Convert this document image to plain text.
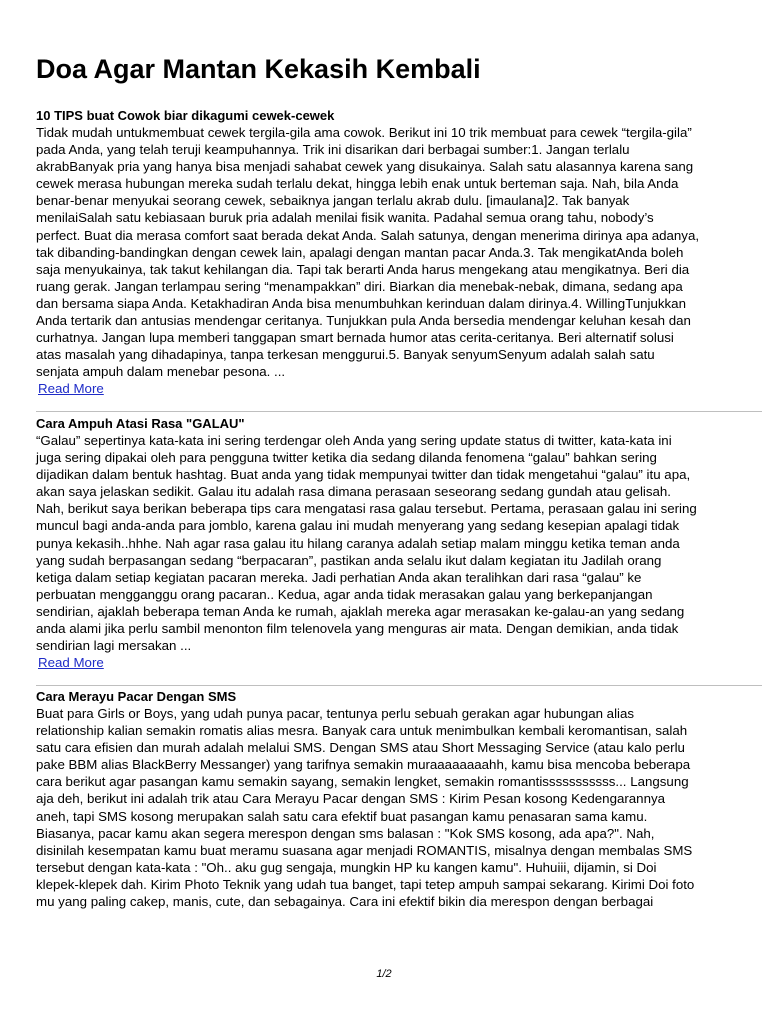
Doa Agar Mantan Kekasih Kembali
10 TIPS buat Cowok biar dikagumi cewek-cewek
Tidak mudah untukmembuat cewek tergila-gila ama cowok. Berikut ini 10 trik membuat para cewek “tergila-gila”
pada Anda, yang telah teruji keampuhannya. Trik ini disarikan dari berbagai sumber:1. Jangan terlalu
akrabBanyak pria yang hanya bisa menjadi sahabat cewek yang disukainya. Salah satu alasannya karena sang
cewek merasa hubungan mereka sudah terlalu dekat, hingga lebih enak untuk berteman saja. Nah, bila Anda
benar-benar menyukai seorang cewek, sebaiknya jangan terlalu akrab dulu. [imaulana]2. Tak banyak
menilaiSalah satu kebiasaan buruk pria adalah menilai fisik wanita. Padahal semua orang tahu, nobody’s
perfect. Buat dia merasa comfort saat berada dekat Anda. Salah satunya, dengan menerima dirinya apa adanya,
tak dibanding-bandingkan dengan cewek lain, apalagi dengan mantan pacar Anda.3. Tak mengikatAnda boleh
saja menyukainya, tak takut kehilangan dia. Tapi tak berarti Anda harus mengekang atau mengikatnya. Beri dia
ruang gerak. Jangan terlampau sering “menampakkan” diri. Biarkan dia menebak-nebak, dimana, sedang apa
dan bersama siapa Anda. Ketakhadiran Anda bisa menumbuhkan kerinduan dalam dirinya.4. WillingTunjukkan
Anda tertarik dan antusias mendengar ceritanya. Tunjukkan pula Anda bersedia mendengar keluhan kesah dan
curhatnya. Jangan lupa memberi tanggapan smart bernada humor atas cerita-ceritanya. Beri alternatif solusi
atas masalah yang dihadapinya, tanpa terkesan menggurui.5. Banyak senyumSenyum adalah salah satu
senjata ampuh dalam menebar pesona. ...
Read More
Cara Ampuh Atasi Rasa "GALAU"
“Galau” sepertinya kata-kata ini sering terdengar oleh Anda yang sering update status di twitter, kata-kata ini
juga sering dipakai oleh para pengguna twitter ketika dia sedang dilanda fenomena “galau” bahkan sering
dijadikan dalam bentuk hashtag. Buat anda yang tidak mempunyai twitter dan tidak mengetahui “galau” itu apa,
akan saya jelaskan sedikit. Galau itu adalah rasa dimana perasaan seseorang sedang gundah atau gelisah.
Nah, berikut saya berikan beberapa tips cara mengatasi rasa galau tersebut. Pertama, perasaan galau ini sering
muncul bagi anda-anda para jomblo, karena galau ini mudah menyerang yang sedang kesepian apalagi tidak
punya kekasih..hhhe. Nah agar rasa galau itu hilang caranya adalah setiap malam minggu ketika teman anda
yang sudah berpasangan sedang “berpacaran”, pastikan anda selalu ikut dalam kegiatan itu Jadilah orang
ketiga dalam setiap kegiatan pacaran mereka. Jadi perhatian Anda akan teralihkan dari rasa “galau” ke
perbuatan mengganggu orang pacaran.. Kedua, agar anda tidak merasakan galau yang berkepanjangan
sendirian, ajaklah beberapa teman Anda ke rumah, ajaklah mereka agar merasakan ke-galau-an yang sedang
anda alami jika perlu sambil menonton film telenovela yang menguras air mata. Dengan demikian, anda tidak
sendirian lagi mersakan ...
Read More
Cara Merayu Pacar Dengan SMS
Buat para Girls or Boys, yang udah punya pacar, tentunya perlu sebuah gerakan agar hubungan alias
relationship kalian semakin romatis alias mesra. Banyak cara untuk menimbulkan kembali keromantisan, salah
satu cara efisien dan murah adalah melalui SMS. Dengan SMS atau Short Messaging Service (atau kalo perlu
pake BBM alias BlackBerry Messanger) yang tarifnya semakin muraaaaaaaahh, kamu bisa mencoba beberapa
cara berikut agar pasangan kamu semakin sayang, semakin lengket, semakin romantisssssssssss... Langsung
aja deh, berikut ini adalah trik atau Cara Merayu Pacar dengan SMS : Kirim Pesan kosong Kedengarannya
aneh, tapi SMS kosong merupakan salah satu cara efektif buat pasangan kamu penasaran sama kamu.
Biasanya, pacar kamu akan segera merespon dengan sms balasan : "Kok SMS kosong, ada apa?". Nah,
disinilah kesempatan kamu buat meramu suasana agar menjadi ROMANTIS, misalnya dengan membalas SMS
tersebut dengan kata-kata : "Oh.. aku gug sengaja, mungkin HP ku kangen kamu". Huhuiii, dijamin, si Doi
klepek-klepek dah. Kirim Photo Teknik yang udah tua banget, tapi tetep ampuh sampai sekarang. Kirimi Doi foto
mu yang paling cakep, manis, cute, dan sebagainya. Cara ini efektif bikin dia merespon dengan berbagai
1/2
